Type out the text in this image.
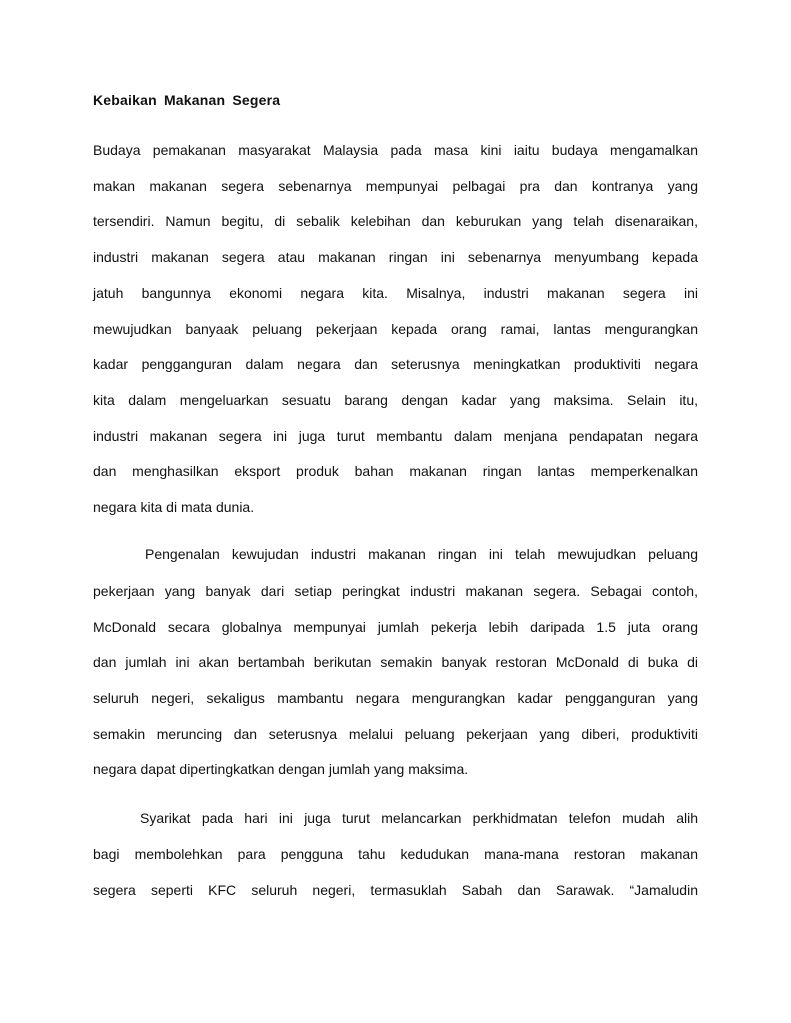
Kebaikan Makanan Segera
Budaya pemakanan masyarakat Malaysia pada masa kini iaitu budaya mengamalkan
makan makanan segera sebenarnya mempunyai pelbagai pra dan kontranya yang
tersendiri. Namun begitu, di sebalik kelebihan dan keburukan yang telah disenaraikan,
industri makanan segera atau makanan ringan ini sebenarnya menyumbang kepada
jatuh bangunnya ekonomi negara kita. Misalnya, industri makanan segera ini
mewujudkan banyaak peluang pekerjaan kepada orang ramai, lantas mengurangkan
kadar pengganguran dalam negara dan seterusnya meningkatkan produktiviti negara
kita dalam mengeluarkan sesuatu barang dengan kadar yang maksima. Selain itu,
industri makanan segera ini juga turut membantu dalam menjana pendapatan negara
dan menghasilkan eksport produk bahan makanan ringan lantas memperkenalkan
negara kita di mata dunia.
Pengenalan kewujudan industri makanan ringan ini telah mewujudkan peluang
pekerjaan yang banyak dari setiap peringkat industri makanan segera. Sebagai contoh,
McDonald secara globalnya mempunyai jumlah pekerja lebih daripada 1.5 juta orang
dan jumlah ini akan bertambah berikutan semakin banyak restoran McDonald di buka di
seluruh negeri, sekaligus mambantu negara mengurangkan kadar pengganguran yang
semakin meruncing dan seterusnya melalui peluang pekerjaan yang diberi, produktiviti
negara dapat dipertingkatkan dengan jumlah yang maksima.
Syarikat pada hari ini juga turut melancarkan perkhidmatan telefon mudah alih
bagi membolehkan para pengguna tahu kedudukan mana-mana restoran makanan
segera seperti KFC seluruh negeri, termasuklah Sabah dan Sarawak. “Jamaludin
